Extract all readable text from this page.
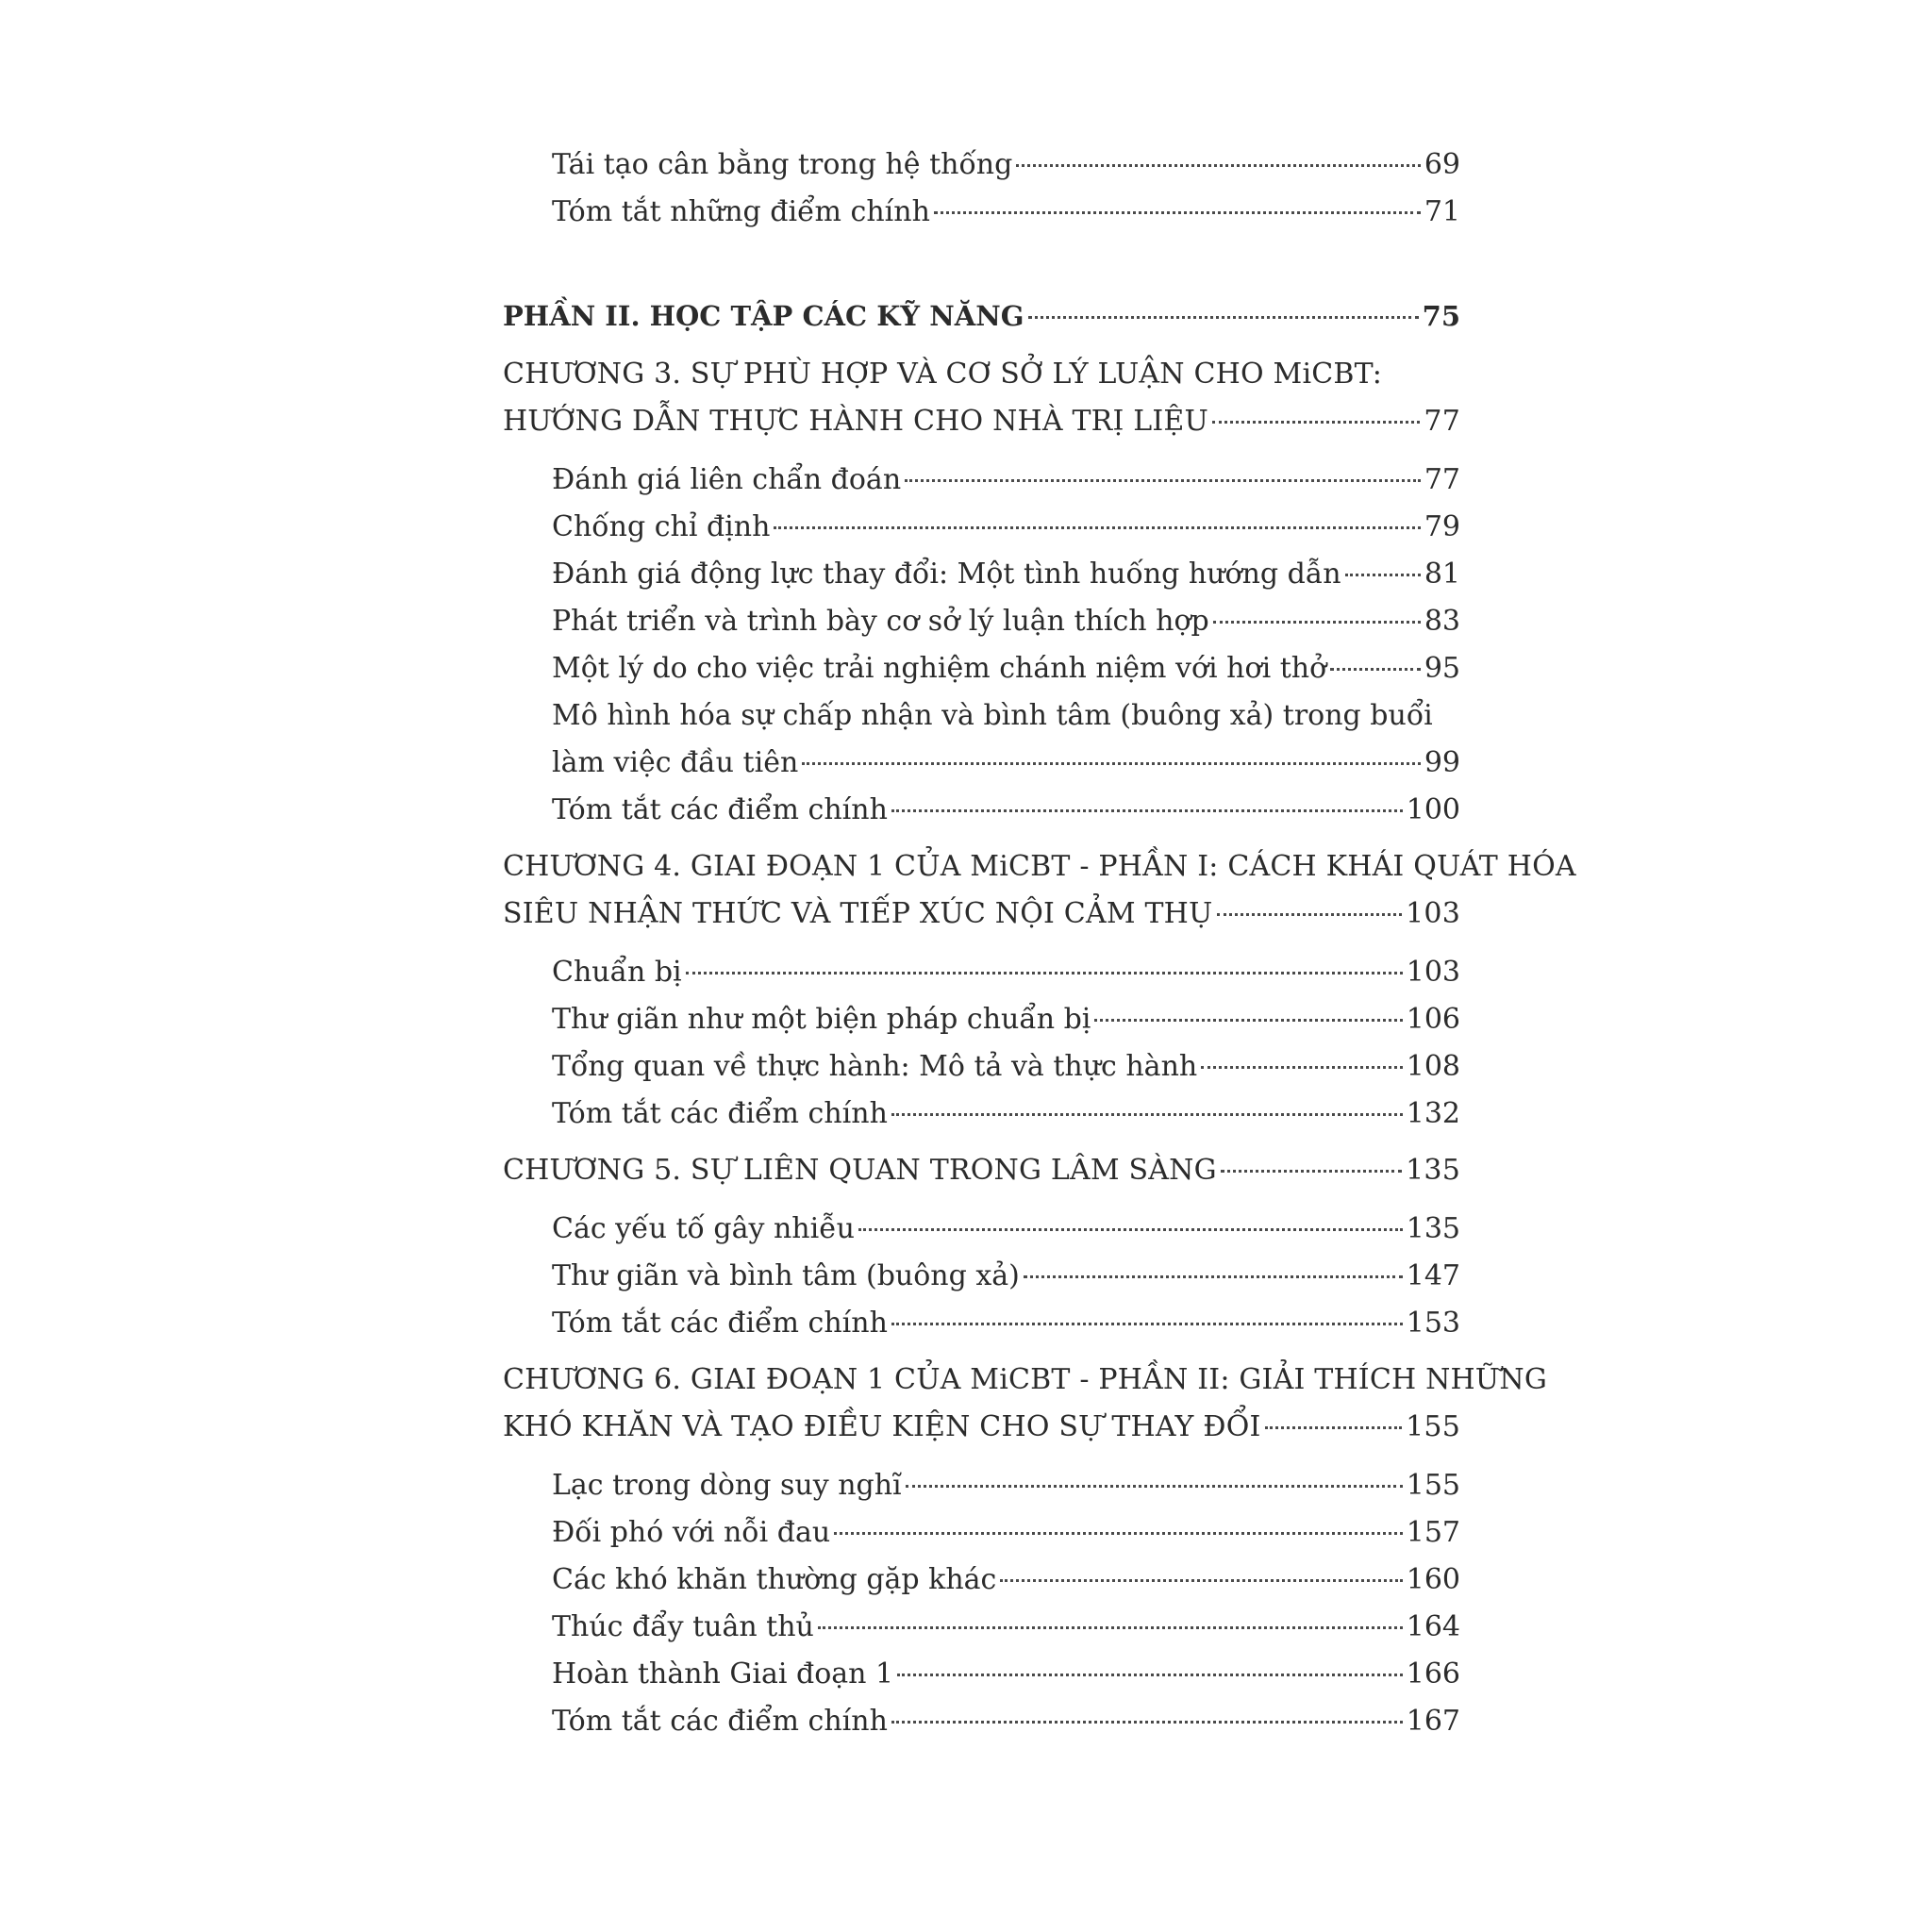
Tái tạo cân bằng trong hệ thống	69
Tóm tắt những điểm chính	71
PHẦN II. HỌC TẬP CÁC KỸ NĂNG	75
CHƯƠNG 3. SỰ PHÙ HỢP VÀ CƠ SỞ LÝ LUẬN CHO MiCBT:
HƯỚNG DẪN THỰC HÀNH CHO NHÀ TRỊ LIỆU	77
Đánh giá liên chẩn đoán	77
Chống chỉ định	79
Đánh giá động lực thay đổi: Một tình huống hướng dẫn	81
Phát triển và trình bày cơ sở lý luận thích hợp	83
Một lý do cho việc trải nghiệm chánh niệm với hơi thở	95
Mô hình hóa sự chấp nhận và bình tâm (buông xả) trong buổi
làm việc đầu tiên	99
Tóm tắt các điểm chính	100
CHƯƠNG 4. GIAI ĐOẠN 1 CỦA MiCBT - PHẦN I: CÁCH KHÁI QUÁT HÓA
SIÊU NHẬN THỨC VÀ TIẾP XÚC NỘI CẢM THỤ	103
Chuẩn bị	103
Thư giãn như một biện pháp chuẩn bị	106
Tổng quan về thực hành: Mô tả và thực hành	108
Tóm tắt các điểm chính	132
CHƯƠNG 5. SỰ LIÊN QUAN TRONG LÂM SÀNG	135
Các yếu tố gây nhiễu	135
Thư giãn và bình tâm (buông xả)	147
Tóm tắt các điểm chính	153
CHƯƠNG 6. GIAI ĐOẠN 1 CỦA MiCBT - PHẦN II: GIẢI THÍCH NHỮNG
KHÓ KHĂN VÀ TẠO ĐIỀU KIỆN CHO SỰ THAY ĐỔI	155
Lạc trong dòng suy nghĩ	155
Đối phó với nỗi đau	157
Các khó khăn thường gặp khác	160
Thúc đẩy tuân thủ	164
Hoàn thành Giai đoạn 1	166
Tóm tắt các điểm chính	167
